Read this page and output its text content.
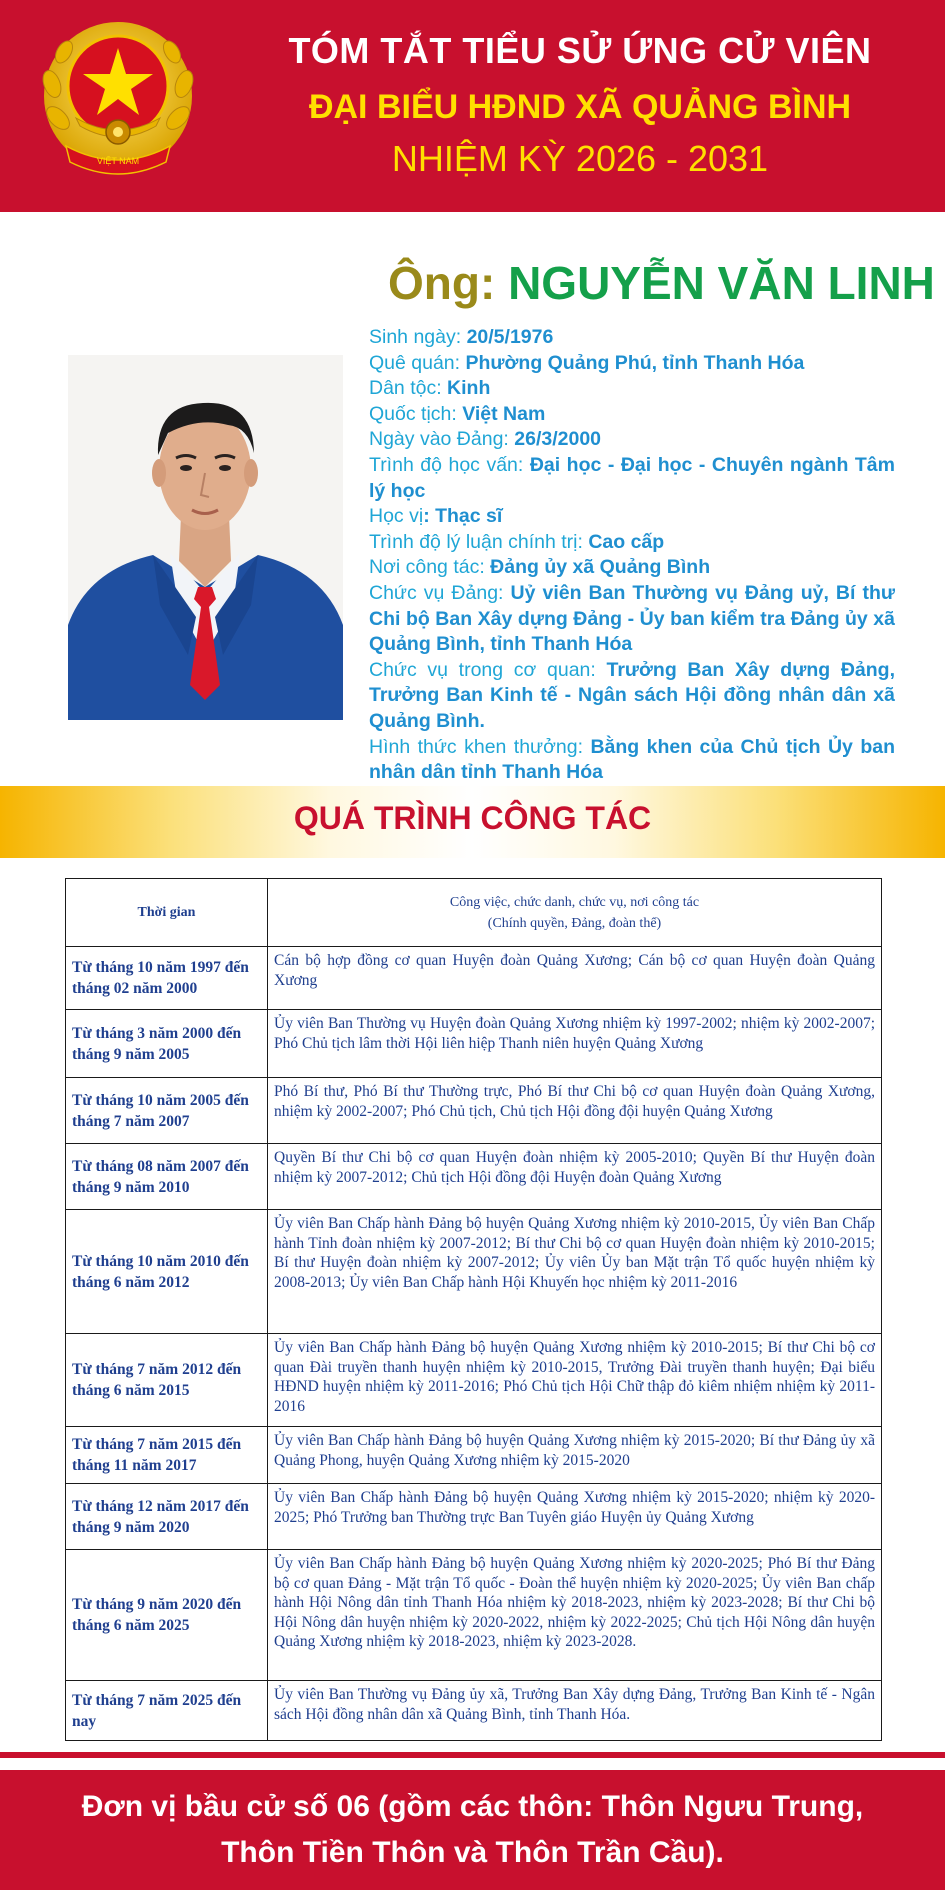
VIỆT NAM
TÓM TẮT TIỂU SỬ ỨNG CỬ VIÊN
ĐẠI BIỂU HĐND XÃ QUẢNG BÌNH
NHIỆM KỲ 2026 - 2031
Ông: NGUYỄN VĂN LINH
Sinh ngày: 20/5/1976
Quê quán: Phường Quảng Phú, tỉnh Thanh Hóa
Dân tộc: Kinh
Quốc tịch: Việt Nam
Ngày vào Đảng: 26/3/2000
Trình độ học vấn: Đại học - Đại học - Chuyên ngành Tâm lý học
Học vị: Thạc sĩ
Trình độ lý luận chính trị: Cao cấp
Nơi công tác: Đảng ủy xã Quảng Bình
Chức vụ Đảng: Uỷ viên Ban Thường vụ Đảng uỷ, Bí thư Chi bộ Ban Xây dựng Đảng - Ủy ban kiểm tra Đảng ủy xã Quảng Bình, tỉnh Thanh Hóa
Chức vụ trong cơ quan: Trưởng Ban Xây dựng Đảng, Trưởng Ban Kinh tế - Ngân sách Hội đồng nhân dân xã Quảng Bình.
Hình thức khen thưởng: Bằng khen của Chủ tịch Ủy ban nhân dân tỉnh Thanh Hóa
QUÁ TRÌNH CÔNG TÁC
Thời gian	Công việc, chức danh, chức vụ, nơi công tác
(Chính quyền, Đảng, đoàn thể)

Từ tháng 10 năm 1997 đến tháng 02 năm 2000	Cán bộ hợp đồng cơ quan Huyện đoàn Quảng Xương; Cán bộ cơ quan Huyện đoàn Quảng Xương
Từ tháng 3 năm 2000 đến tháng 9 năm 2005	Ủy viên Ban Thường vụ Huyện đoàn Quảng Xương nhiệm kỳ 1997-2002; nhiệm kỳ 2002-2007; Phó Chủ tịch lâm thời Hội liên hiệp Thanh niên huyện Quảng Xương
Từ tháng 10 năm 2005 đến tháng 7 năm 2007	Phó Bí thư, Phó Bí thư Thường trực, Phó Bí thư Chi bộ cơ quan Huyện đoàn Quảng Xương, nhiệm kỳ 2002-2007; Phó Chủ tịch, Chủ tịch Hội đồng đội huyện Quảng Xương
Từ tháng 08 năm 2007 đến tháng 9 năm 2010	Quyền Bí thư Chi bộ cơ quan Huyện đoàn nhiệm kỳ 2005-2010; Quyền Bí thư Huyện đoàn nhiệm kỳ 2007-2012; Chủ tịch Hội đồng đội Huyện đoàn Quảng Xương
Từ tháng 10 năm 2010 đến tháng 6 năm 2012	Ủy viên Ban Chấp hành Đảng bộ huyện Quảng Xương nhiệm kỳ 2010-2015, Ủy viên Ban Chấp hành Tỉnh đoàn nhiệm kỳ 2007-2012; Bí thư Chi bộ cơ quan Huyện đoàn nhiệm kỳ 2010-2015; Bí thư Huyện đoàn nhiệm kỳ 2007-2012; Ủy viên Ủy ban Mặt trận Tổ quốc huyện nhiệm kỳ 2008-2013; Ủy viên Ban Chấp hành Hội Khuyến học nhiệm kỳ 2011-2016
Từ tháng 7 năm 2012 đến tháng 6 năm 2015	Ủy viên Ban Chấp hành Đảng bộ huyện Quảng Xương nhiệm kỳ 2010-2015; Bí thư Chi bộ cơ quan Đài truyền thanh huyện nhiệm kỳ 2010-2015, Trưởng Đài truyền thanh huyện; Đại biểu HĐND huyện nhiệm kỳ 2011-2016; Phó Chủ tịch Hội Chữ thập đỏ kiêm nhiệm nhiệm kỳ 2011-2016
Từ tháng 7 năm 2015 đến tháng 11 năm 2017	Ủy viên Ban Chấp hành Đảng bộ huyện Quảng Xương nhiệm kỳ 2015-2020; Bí thư Đảng ủy xã Quảng Phong, huyện Quảng Xương nhiệm kỳ 2015-2020
Từ tháng 12 năm 2017 đến tháng 9 năm 2020	Ủy viên Ban Chấp hành Đảng bộ huyện Quảng Xương nhiệm kỳ 2015-2020; nhiệm kỳ 2020-2025; Phó Trưởng ban Thường trực Ban Tuyên giáo Huyện ủy Quảng Xương
Từ tháng 9 năm 2020 đến tháng 6 năm 2025	Ủy viên Ban Chấp hành Đảng bộ huyện Quảng Xương nhiệm kỳ 2020-2025; Phó Bí thư Đảng bộ cơ quan Đảng - Mặt trận Tổ quốc - Đoàn thể huyện nhiệm kỳ 2020-2025; Ủy viên Ban chấp hành Hội Nông dân tỉnh Thanh Hóa nhiệm kỳ 2018-2023, nhiệm kỳ 2023-2028; Bí thư Chi bộ Hội Nông dân huyện nhiệm kỳ 2020-2022, nhiệm kỳ 2022-2025; Chủ tịch Hội Nông dân huyện Quảng Xương nhiệm kỳ 2018-2023, nhiệm kỳ 2023-2028.
Từ tháng 7 năm 2025 đến nay	Ủy viên Ban Thường vụ Đảng ủy xã, Trưởng Ban Xây dựng Đảng, Trưởng Ban Kinh tế - Ngân sách Hội đồng nhân dân xã Quảng Bình, tỉnh Thanh Hóa.
Đơn vị bầu cử số 06 (gồm các thôn: Thôn Ngưu Trung,
Thôn Tiền Thôn và Thôn Trần Cầu).
